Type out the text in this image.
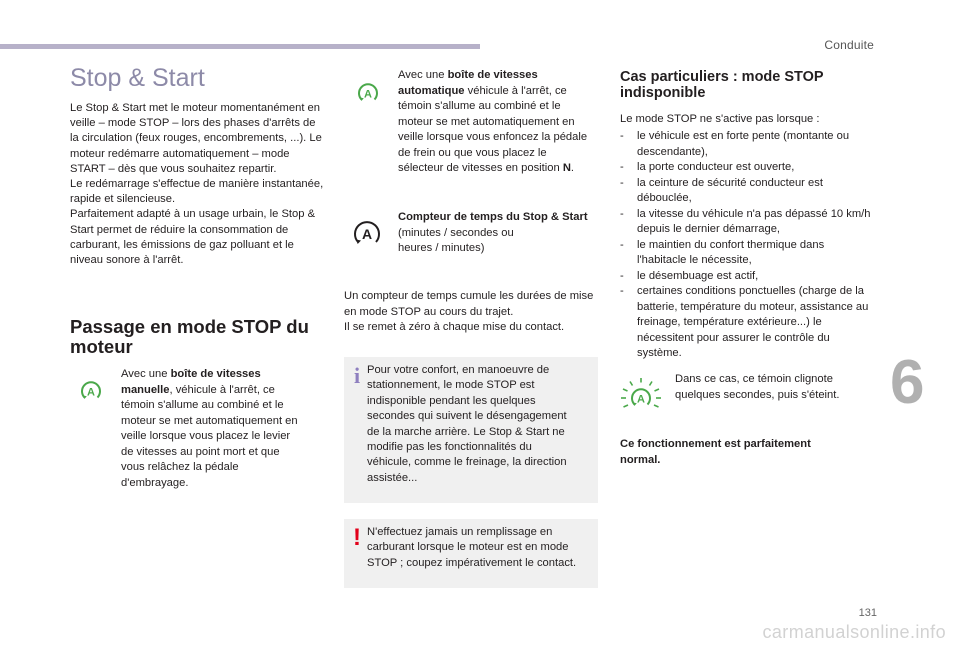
Conduite
Stop & Start

Le Stop & Start met le moteur momentanément en veille – mode STOP – lors des phases d'arrêts de la circulation (feux rouges, encombrements, ...). Le moteur redémarre automatiquement – mode START – dès que vous souhaitez repartir.
Le redémarrage s'effectue de manière instantanée, rapide et silencieuse.
Parfaitement adapté à un usage urbain, le Stop & Start permet de réduire la consommation de carburant, les émissions de gaz polluant et le niveau sonore à l'arrêt.

Passage en mode STOP du moteur
A
Avec une boîte de vitesses manuelle, véhicule à l'arrêt, ce témoin s'allume au combiné et le moteur se met automatiquement en veille lorsque vous placez le levier de vitesses au point mort et que vous relâchez la pédale d'embrayage.
A
Avec une boîte de vitesses automatique véhicule à l'arrêt, ce témoin s'allume au combiné et le moteur se met automatiquement en veille lorsque vous enfoncez la pédale de frein ou que vous placez le sélecteur de vitesses en position N.
A
Compteur de temps du Stop & Start
(minutes / secondes ou heures / minutes)
Un compteur de temps cumule les durées de mise en mode STOP au cours du trajet.
Il se remet à zéro à chaque mise du contact.
i Pour votre confort, en manoeuvre de stationnement, le mode STOP est indisponible pendant les quelques secondes qui suivent le désengagement de la marche arrière. Le Stop & Start ne modifie pas les fonctionnalités du véhicule, comme le freinage, la direction assistée...
! N'effectuez jamais un remplissage en carburant lorsque le moteur est en mode STOP ; coupez impérativement le contact.
Cas particuliers : mode STOP indisponible
Le mode STOP ne s'active pas lorsque :
- le véhicule est en forte pente (montante ou descendante),
- la porte conducteur est ouverte,
- la ceinture de sécurité conducteur est débouclée,
- la vitesse du véhicule n'a pas dépassé 10 km/h depuis le dernier démarrage,
- le maintien du confort thermique dans l'habitacle le nécessite,
- le désembuage est actif,
- certaines conditions ponctuelles (charge de la batterie, température du moteur, assistance au freinage, température extérieure...) le nécessitent pour assurer le contrôle du système.
A
Dans ce cas, ce témoin clignote quelques secondes, puis s'éteint.
Ce fonctionnement est parfaitement normal.
6
131
carmanualsonline.info
